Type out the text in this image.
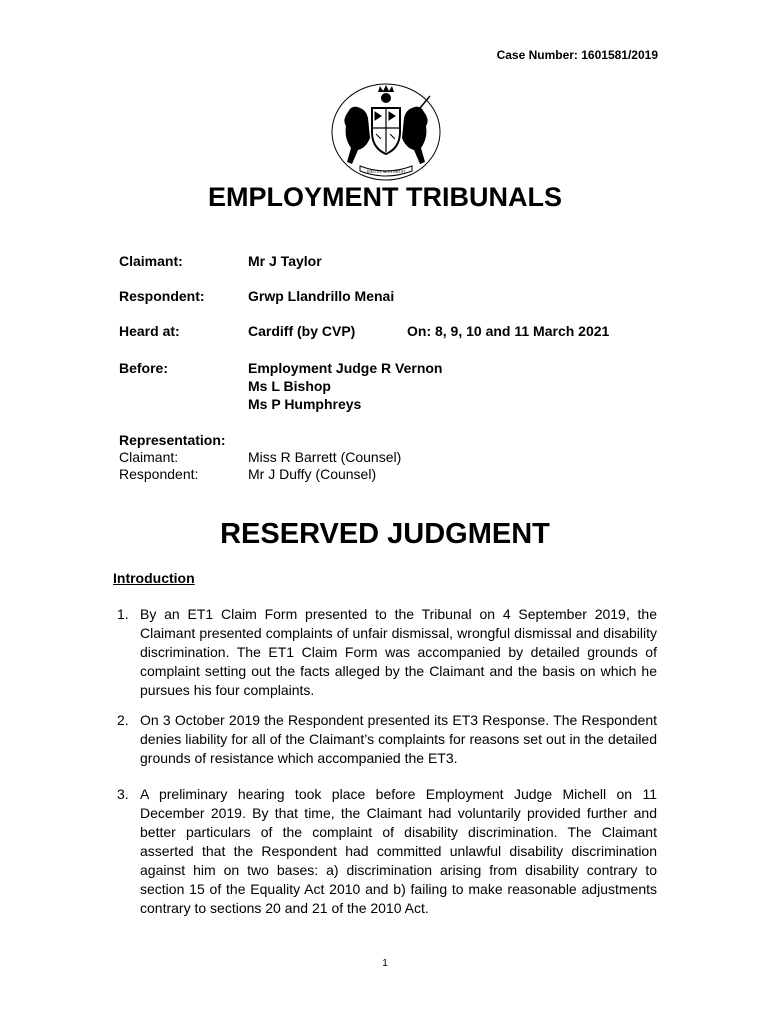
Case Number: 1601581/2019
DIEU ET MON DROIT
EMPLOYMENT TRIBUNALS
Claimant:	Mr J Taylor
Respondent:	Grwp Llandrillo Menai
Heard at:	Cardiff (by CVP)	On: 8, 9, 10 and 11 March 2021
Before:	Employment Judge R Vernon
Ms L Bishop
Ms P Humphreys
Representation:
Claimant:	Miss R Barrett (Counsel)
Respondent:	Mr J Duffy (Counsel)
RESERVED JUDGMENT
Introduction
1. By an ET1 Claim Form presented to the Tribunal on 4 September 2019, the Claimant presented complaints of unfair dismissal, wrongful dismissal and disability discrimination. The ET1 Claim Form was accompanied by detailed grounds of complaint setting out the facts alleged by the Claimant and the basis on which he pursues his four complaints.
2. On 3 October 2019 the Respondent presented its ET3 Response. The Respondent denies liability for all of the Claimant’s complaints for reasons set out in the detailed grounds of resistance which accompanied the ET3.
3. A preliminary hearing took place before Employment Judge Michell on 11 December 2019. By that time, the Claimant had voluntarily provided further and better particulars of the complaint of disability discrimination. The Claimant asserted that the Respondent had committed unlawful disability discrimination against him on two bases: a) discrimination arising from disability contrary to section 15 of the Equality Act 2010 and b) failing to make reasonable adjustments contrary to sections 20 and 21 of the 2010 Act.
1
